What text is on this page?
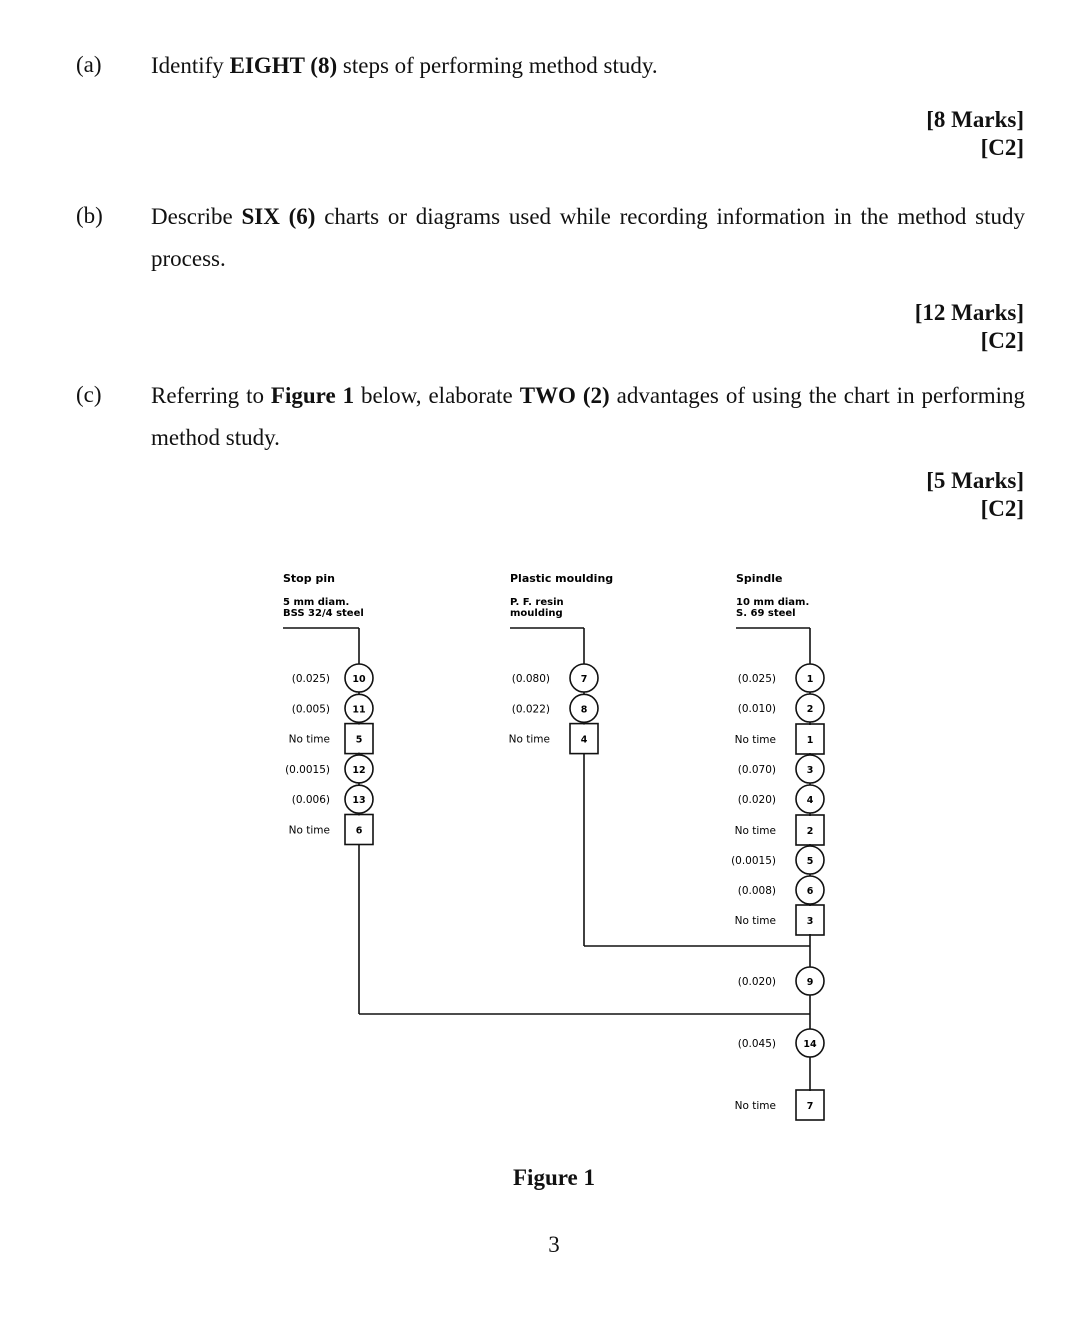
(a) Identify EIGHT (8) steps of performing method study.
[8 Marks]
[C2]
(b) Describe SIX (6) charts or diagrams used while recording information in the method study process.
[12 Marks]
[C2]
(c) Referring to Figure 1 below, elaborate TWO (2) advantages of using the chart in performing method study.
[5 Marks]
[C2]
Stop pin
5 mm diam.
BSS 32/4 steel
(0.025) 10
(0.005) 11
No time	5
(0.0015) 12
(0.006) 13
No time	6
Plastic moulding
P. F. resin
moulding
(0.080)	7
(0.022)	8
No time	4
Spindle
10 mm diam.
S. 69 steel
(0.025)	1
(0.010)	2
No time	1
(0.070)	3
(0.020)	4
No time	2
(0.0015)	5
(0.008)	6
No time	3
(0.020)	9
(0.045)	14
No time	7
Figure 1
3
